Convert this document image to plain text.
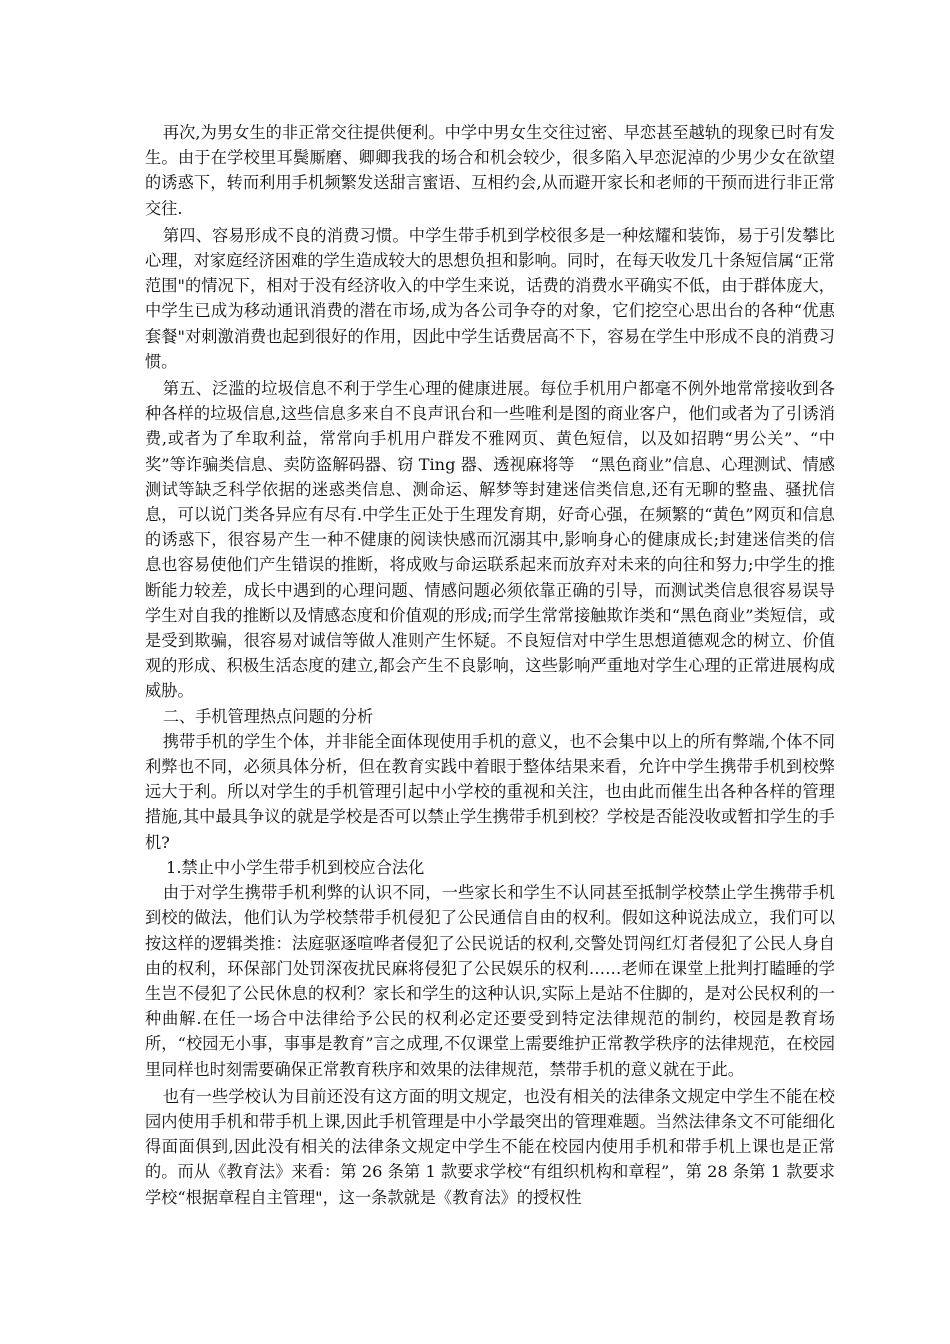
再次,为男女生的非正常交往提供便利。中学中男女生交往过密、早恋甚至越轨的现象已时有发生。由于在学校里耳鬓厮磨、卿卿我我的场合和机会较少，很多陷入早恋泥淖的少男少女在欲望的诱惑下，转而利用手机频繁发送甜言蜜语、互相约会,从而避开家长和老师的干预而进行非正常交往.

第四、容易形成不良的消费习惯。中学生带手机到学校很多是一种炫耀和装饰，易于引发攀比心理，对家庭经济困难的学生造成较大的思想负担和影响。同时，在每天收发几十条短信属“正常范围"的情况下，相对于没有经济收入的中学生来说，话费的消费水平确实不低，由于群体庞大，中学生已成为移动通讯消费的潜在市场,成为各公司争夺的对象，它们挖空心思出台的各种“优惠套餐"对刺激消费也起到很好的作用，因此中学生话费居高不下，容易在学生中形成不良的消费习惯。

第五、泛滥的垃圾信息不利于学生心理的健康进展。每位手机用户都毫不例外地常常接收到各种各样的垃圾信息,这些信息多来自不良声讯台和一些唯利是图的商业客户，他们或者为了引诱消费,或者为了牟取利益，常常向手机用户群发不雅网页、黄色短信，以及如招聘“男公关”、“中奖”等诈骗类信息、卖防盗解码器、窃 Ting 器、透视麻将等　“黑色商业”信息、心理测试、情感测试等缺乏科学依据的迷惑类信息、测命运、解梦等封建迷信类信息,还有无聊的整蛊、骚扰信息，可以说门类各异应有尽有.中学生正处于生理发育期，好奇心强，在频繁的“黄色”网页和信息的诱惑下，很容易产生一种不健康的阅读快感而沉溺其中,影响身心的健康成长;封建迷信类的信息也容易使他们产生错误的推断，将成败与命运联系起来而放弃对未来的向往和努力;中学生的推断能力较差，成长中遇到的心理问题、情感问题必须依靠正确的引导，而测试类信息很容易误导学生对自我的推断以及情感态度和价值观的形成;而学生常常接触欺诈类和“黑色商业”类短信，或是受到欺骗，很容易对诚信等做人准则产生怀疑。不良短信对中学生思想道德观念的树立、价值观的形成、积极生活态度的建立,都会产生不良影响，这些影响严重地对学生心理的正常进展构成威胁。

二、手机管理热点问题的分析

携带手机的学生个体，并非能全面体现使用手机的意义，也不会集中以上的所有弊端,个体不同利弊也不同，必须具体分析，但在教育实践中着眼于整体结果来看，允许中学生携带手机到校弊远大于利。所以对学生的手机管理引起中小学校的重视和关注，也由此而催生出各种各样的管理措施,其中最具争议的就是学校是否可以禁止学生携带手机到校？学校是否能没收或暂扣学生的手机?

1.禁止中小学生带手机到校应合法化

由于对学生携带手机利弊的认识不同，一些家长和学生不认同甚至抵制学校禁止学生携带手机到校的做法，他们认为学校禁带手机侵犯了公民通信自由的权利。假如这种说法成立，我们可以按这样的逻辑类推：法庭驱逐喧哗者侵犯了公民说话的权利,交警处罚闯红灯者侵犯了公民人身自由的权利，环保部门处罚深夜扰民麻将侵犯了公民娱乐的权利……老师在课堂上批判打瞌睡的学生岂不侵犯了公民休息的权利？家长和学生的这种认识,实际上是站不住脚的，是对公民权利的一种曲解.在任一场合中法律给予公民的权利必定还要受到特定法律规范的制约，校园是教育场所，“校园无小事，事事是教育”言之成理,不仅课堂上需要维护正常教学秩序的法律规范，在校园里同样也时刻需要确保正常教育秩序和效果的法律规范，禁带手机的意义就在于此。

也有一些学校认为目前还没有这方面的明文规定，也没有相关的法律条文规定中学生不能在校园内使用手机和带手机上课,因此手机管理是中小学最突出的管理难题。当然法律条文不可能细化得面面俱到,因此没有相关的法律条文规定中学生不能在校园内使用手机和带手机上课也是正常的。而从《教育法》来看：第 26 条第 1 款要求学校“有组织机构和章程”，第 28 条第 1 款要求学校“根据章程自主管理"，这一条款就是《教育法》的授权性
